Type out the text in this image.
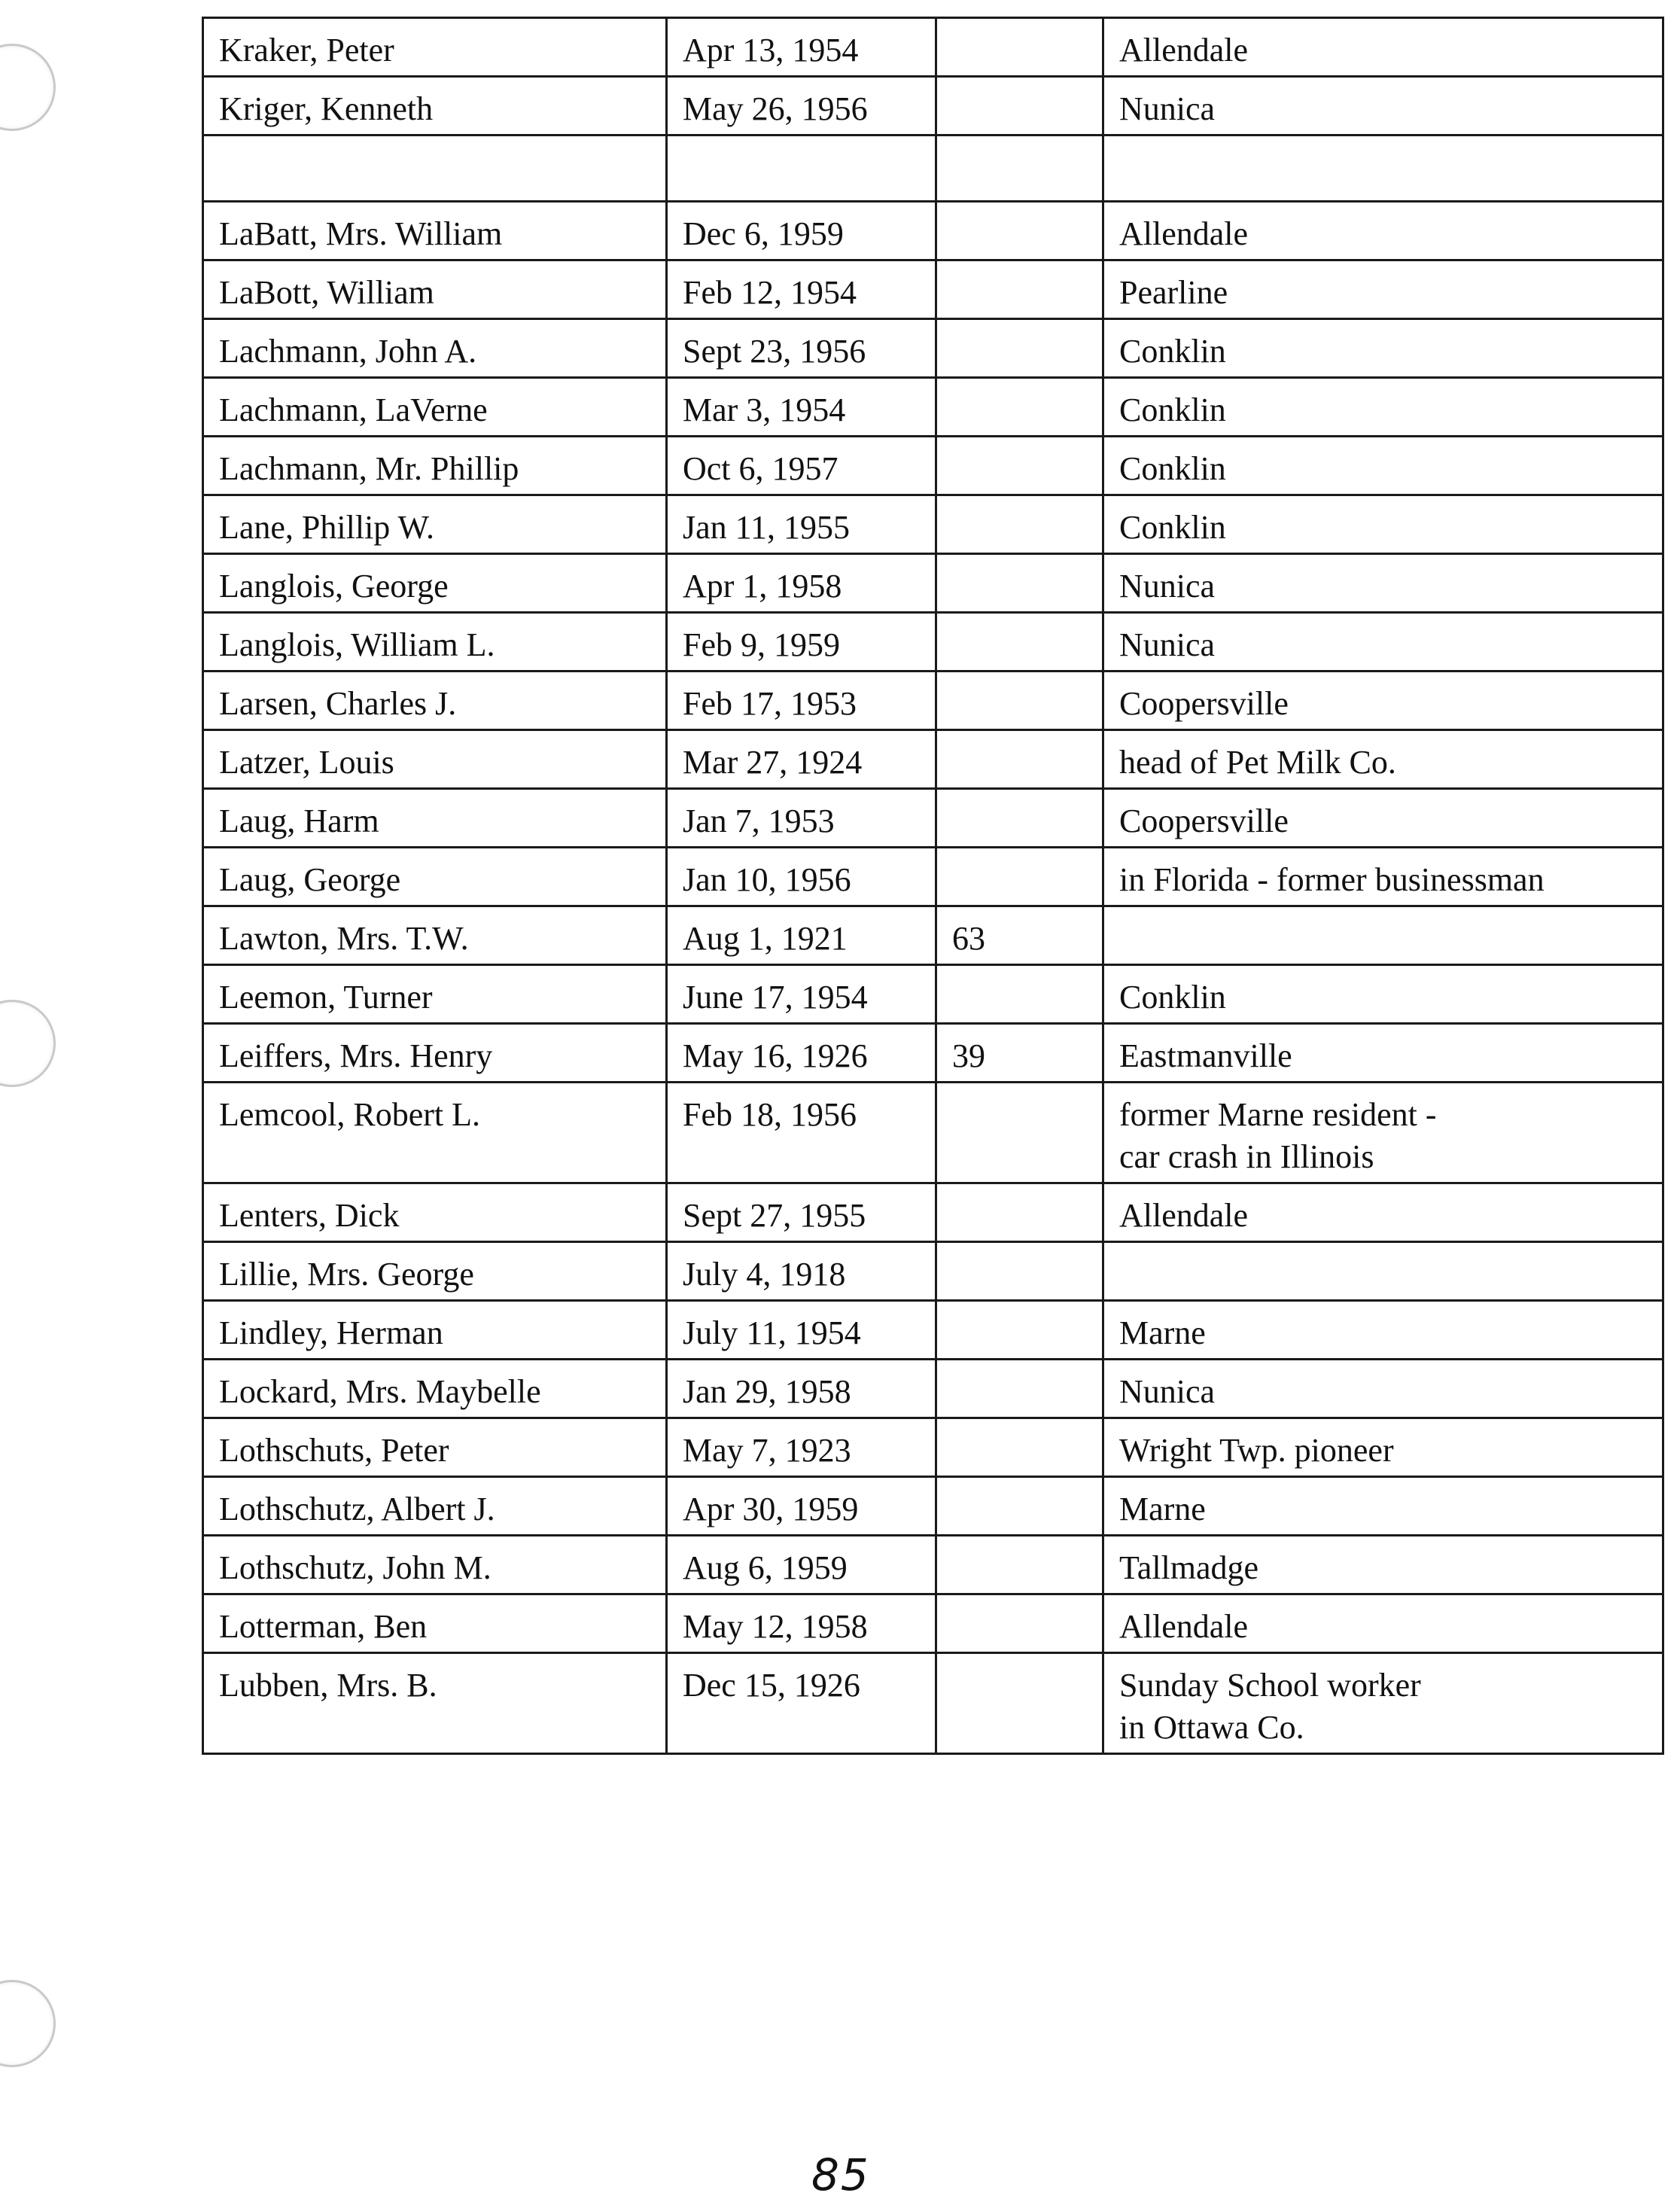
Kraker, Peter	Apr 13, 1954		Allendale

Kriger, Kenneth	May 26, 1956		Nunica

LaBatt, Mrs. William	Dec 6, 1959		Allendale

LaBott, William	Feb 12, 1954		Pearline

Lachmann, John A.	Sept 23, 1956		Conklin

Lachmann, LaVerne	Mar 3, 1954		Conklin

Lachmann, Mr. Phillip	Oct 6, 1957		Conklin

Lane, Phillip W.	Jan 11, 1955		Conklin

Langlois, George	Apr 1, 1958		Nunica

Langlois, William L.	Feb 9, 1959		Nunica

Larsen, Charles J.	Feb 17, 1953		Coopersville

Latzer, Louis	Mar 27, 1924		head of Pet Milk Co.

Laug, Harm	Jan 7, 1953		Coopersville

Laug, George	Jan 10, 1956		in Florida - former businessman

Lawton, Mrs. T.W.	Aug 1, 1921	63	

Leemon, Turner	June 17, 1954		Conklin

Leiffers, Mrs. Henry	May 16, 1926	39	Eastmanville

Lemcool, Robert L.	Feb 18, 1956		former Marne resident -
car crash in Illinois

Lenters, Dick	Sept 27, 1955		Allendale

Lillie, Mrs. George	July 4, 1918		

Lindley, Herman	July 11, 1954		Marne

Lockard, Mrs. Maybelle	Jan 29, 1958		Nunica

Lothschuts, Peter	May 7, 1923		Wright Twp. pioneer

Lothschutz, Albert J.	Apr 30, 1959		Marne

Lothschutz, John M.	Aug 6, 1959		Tallmadge

Lotterman, Ben	May 12, 1958		Allendale

Lubben, Mrs. B.	Dec 15, 1926		Sunday School worker
in Ottawa Co.
85
